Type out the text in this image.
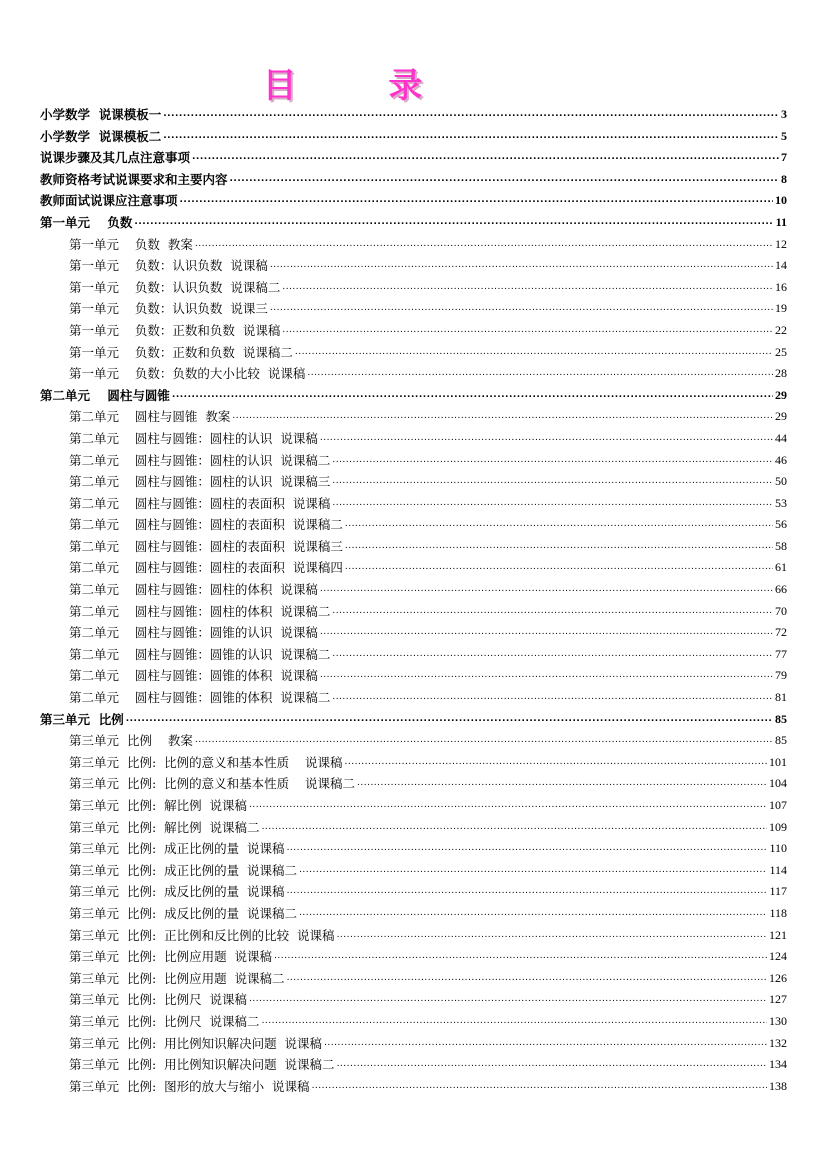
目 录
小学数学  说课模板一 .....	3
小学数学  说课模板二 .....	5
说课步骤及其几点注意事项 .....	7
教师资格考试说课要求和主要内容 .....	8
教师面试说课应注意事项 .....	10
第一单元    负数 .....	11
第一单元    负数  教案 .....	12
第一单元    负数：认识负数  说课稿 .....	14
第一单元    负数：认识负数  说课稿二 .....	16
第一单元    负数：认识负数  说课三 .....	19
第一单元    负数：正数和负数  说课稿 .....	22
第一单元    负数：正数和负数  说课稿二 .....	25
第一单元    负数：负数的大小比较  说课稿 .....	28
第二单元    圆柱与圆锥 .....	29
第二单元    圆柱与圆锥  教案 .....	29
第二单元    圆柱与圆锥：圆柱的认识  说课稿 .....	44
第二单元    圆柱与圆锥：圆柱的认识  说课稿二 .....	46
第二单元    圆柱与圆锥：圆柱的认识  说课稿三 .....	50
第二单元    圆柱与圆锥：圆柱的表面积  说课稿 .....	53
第二单元    圆柱与圆锥：圆柱的表面积  说课稿二 .....	56
第二单元    圆柱与圆锥：圆柱的表面积  说课稿三 .....	58
第二单元    圆柱与圆锥：圆柱的表面积  说课稿四 .....	61
第二单元    圆柱与圆锥：圆柱的体积  说课稿 .....	66
第二单元    圆柱与圆锥：圆柱的体积  说课稿二 .....	70
第二单元    圆柱与圆锥：圆锥的认识  说课稿 .....	72
第二单元    圆柱与圆锥：圆锥的认识  说课稿二 .....	77
第二单元    圆柱与圆锥：圆锥的体积  说课稿 .....	79
第二单元    圆柱与圆锥：圆锥的体积  说课稿二 .....	81
第三单元  比例 .....	85
第三单元  比例    教案 .....	85
第三单元  比例:  比例的意义和基本性质    说课稿 .....	101
第三单元  比例:  比例的意义和基本性质    说课稿二 .....	104
第三单元  比例:  解比例  说课稿 .....	107
第三单元  比例:  解比例  说课稿二 .....	109
第三单元  比例:  成正比例的量  说课稿 .....	110
第三单元  比例:  成正比例的量  说课稿二 .....	114
第三单元  比例:  成反比例的量  说课稿 .....	117
第三单元  比例:  成反比例的量  说课稿二 .....	118
第三单元  比例:  正比例和反比例的比较  说课稿 .....	121
第三单元  比例:  比例应用题  说课稿 .....	124
第三单元  比例:  比例应用题  说课稿二 .....	126
第三单元  比例:  比例尺  说课稿 .....	127
第三单元  比例:  比例尺  说课稿二 .....	130
第三单元  比例:  用比例知识解决问题  说课稿 .....	132
第三单元  比例:  用比例知识解决问题  说课稿二 .....	134
第三单元  比例:  图形的放大与缩小  说课稿 .....	138
